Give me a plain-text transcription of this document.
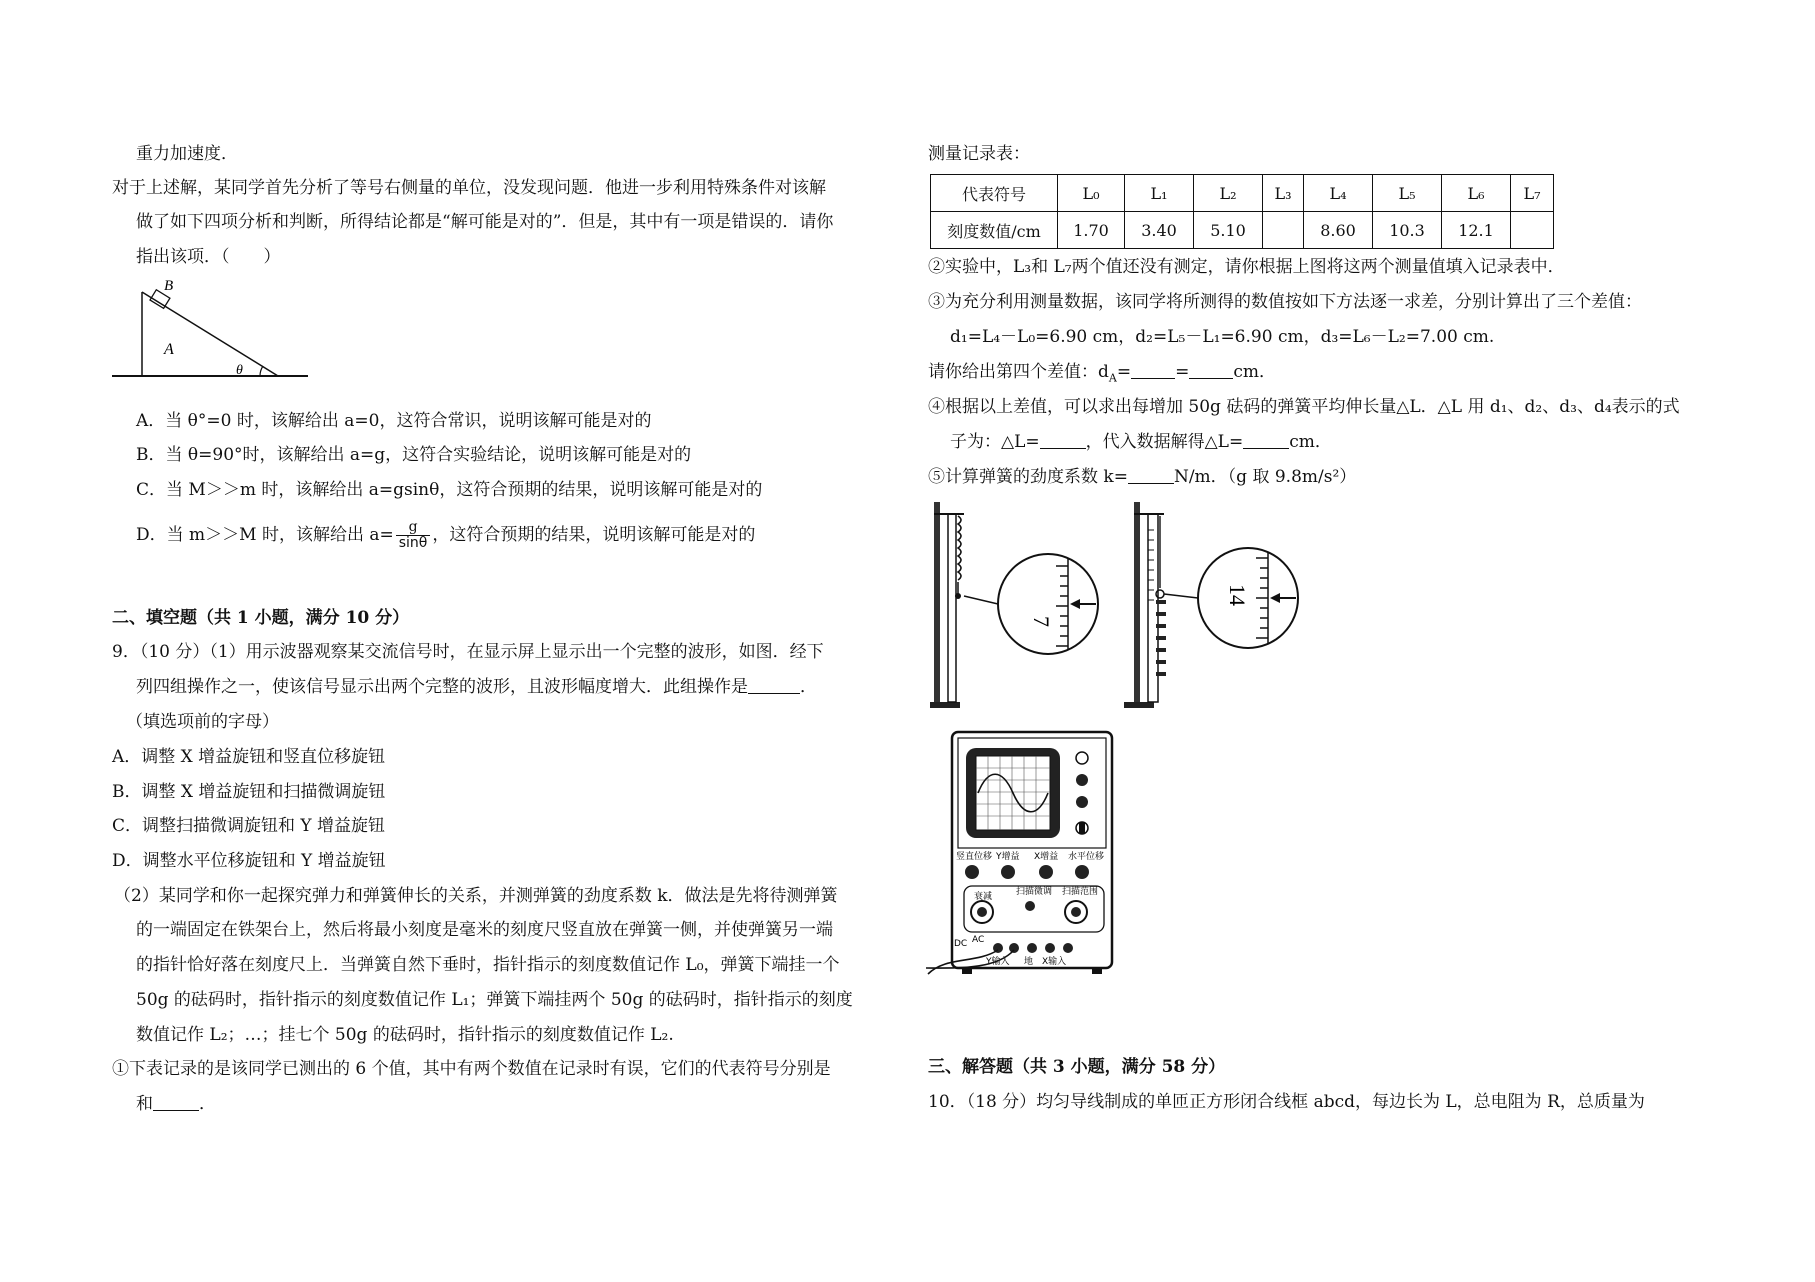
重力加速度．
对于上述解，某同学首先分析了等号右侧量的单位，没发现问题．他进一步利用特殊条件对该解
做了如下四项分析和判断，所得结论都是“解可能是对的”．但是，其中有一项是错误的．请你
指出该项．（　　）
B
A
θ
A．当 θ°=0 时，该解给出 a=0，这符合常识，说明该解可能是对的
B．当 θ=90°时，该解给出 a=g，这符合实验结论，说明该解可能是对的
C．当 M＞＞m 时，该解给出 a=gsinθ，这符合预期的结果，说明该解可能是对的
D．当 m＞＞M 时，该解给出 $a= \frac{g}{\sin\theta}$ ，这符合预期的结果，说明该解可能是对的
二、填空题（共 1 小题，满分 10 分）
9．（10 分）（1）用示波器观察某交流信号时，在显示屏上显示出一个完整的波形，如图．经下
列四组操作之一，使该信号显示出两个完整的波形，且波形幅度增大．此组操作是	．
（填选项前的字母）
A．调整 X 增益旋钮和竖直位移旋钮
B．调整 X 增益旋钮和扫描微调旋钮
C．调整扫描微调旋钮和 Y 增益旋钮
D．调整水平位移旋钮和 Y 增益旋钮
（2）某同学和你一起探究弹力和弹簧伸长的关系，并测弹簧的劲度系数 k．做法是先将待测弹簧
的一端固定在铁架台上，然后将最小刻度是毫米的刻度尺竖直放在弹簧一侧，并使弹簧另一端
的指针恰好落在刻度尺上．当弹簧自然下垂时，指针指示的刻度数值记作 L₀，弹簧下端挂一个
50g 的砝码时，指针指示的刻度数值记作 L₁；弹簧下端挂两个 50g 的砝码时，指针指示的刻度
数值记作 L₂；…；挂七个 50g 的砝码时，指针指示的刻度数值记作 L₂.
①下表记录的是该同学已测出的 6 个值，其中有两个数值在记录时有误，它们的代表符号分别是
和	．
测量记录表：
代表符号	L₀	L₁	L₂	L₃	L₄	L₅	L₆	L₇
刻度数值/cm	1.70	3.40	5.10		8.60	10.3	12.1	
②实验中，L₃和 L₇两个值还没有测定，请你根据上图将这两个测量值填入记录表中．
③为充分利用测量数据，该同学将所测得的数值按如下方法逐一求差，分别计算出了三个差值：
d₁=L₄－L₀=6.90 cm，d₂=L₅－L₁=6.90 cm，d₃=L₆－L₂=7.00 cm.
请你给出第四个差值：$d_A=$	=	cm．
④根据以上差值，可以求出每增加 50g 砝码的弹簧平均伸长量△L．△L 用 d₁、d₂、d₃、d₄表示的式
子为：△L=	，代入数据解得△L=	cm．
⑤计算弹簧的劲度系数 k=	N/m．（g 取 9.8m/s²）
7
14
竖直位移 Y增益 X增益 水平位移
衰减	扫描微调 扫描范围
DC AC
Y输入 地 X输入
三、解答题（共 3 小题，满分 58 分）
10．（18 分）均匀导线制成的单匝正方形闭合线框 abcd，每边长为 L，总电阻为 R，总质量为
